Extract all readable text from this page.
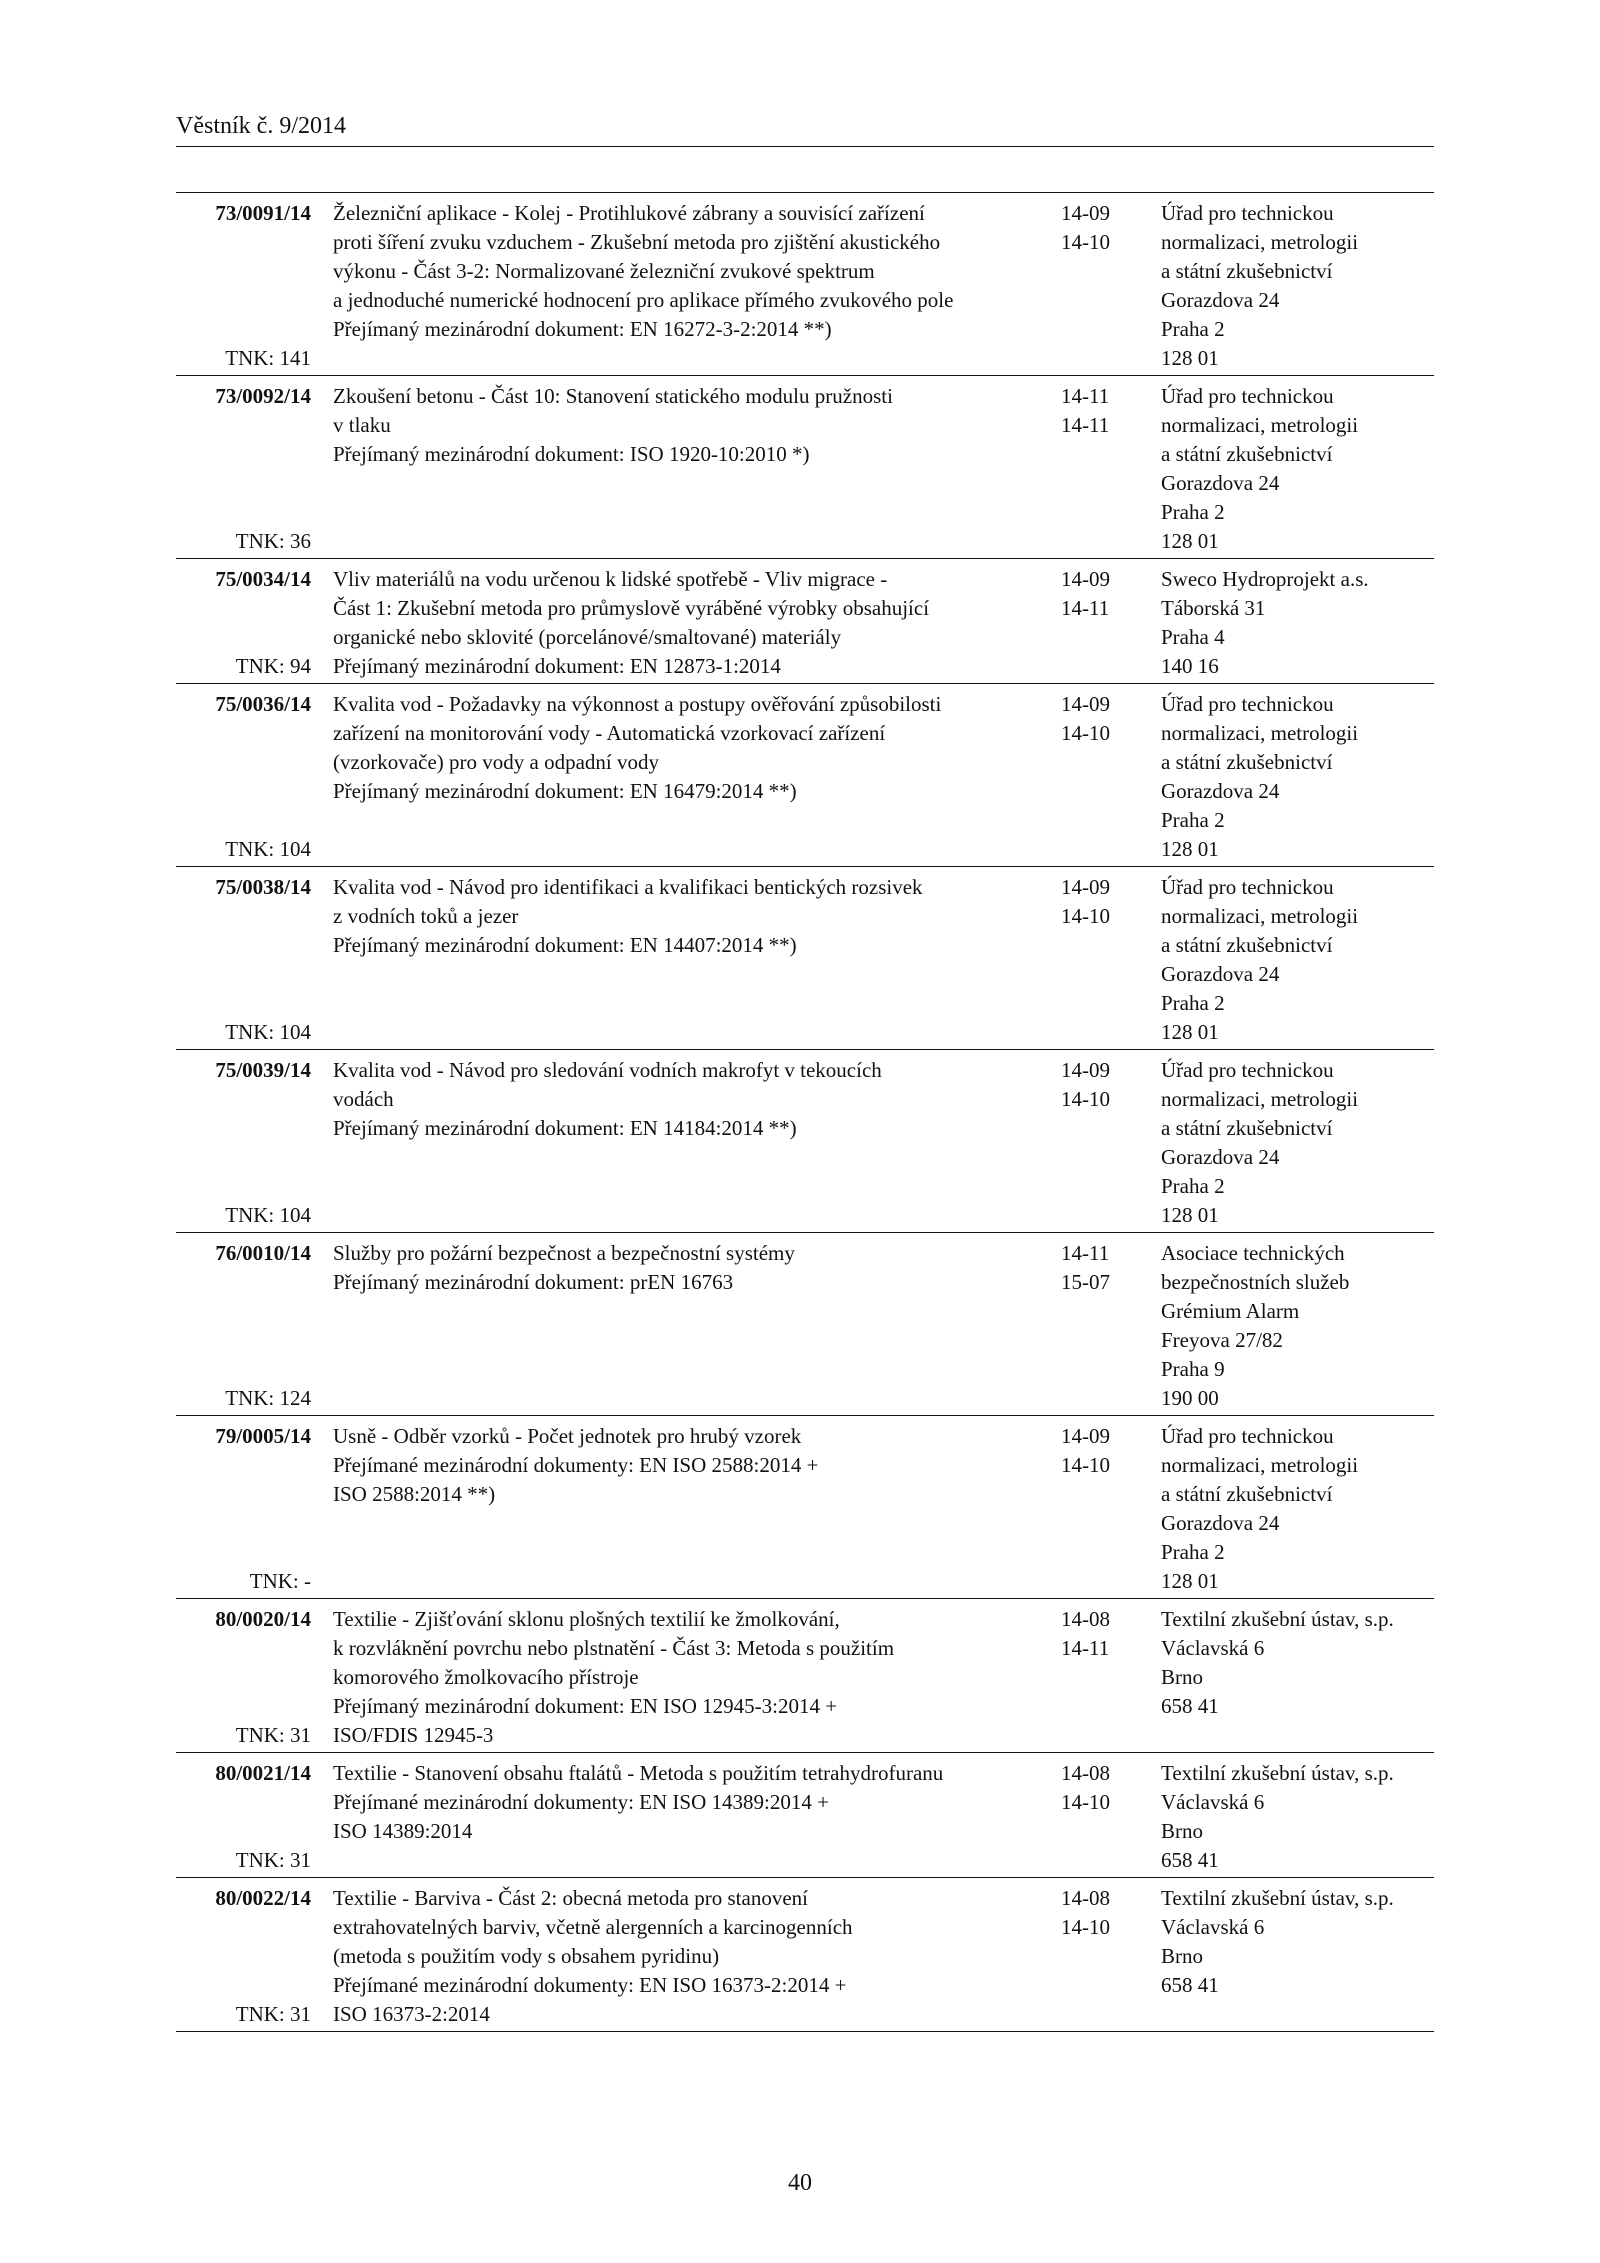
Věstník č. 9/2014
73/0091/14
TNK: 141
Železniční aplikace - Kolej - Protihlukové zábrany a souvisící zařízení
proti šíření zvuku vzduchem - Zkušební metoda pro zjištění akustického
výkonu - Část 3-2: Normalizované železniční zvukové spektrum
a jednoduché numerické hodnocení pro aplikace přímého zvukového pole
Přejímaný mezinárodní dokument: EN 16272-3-2:2014 **)
14-09
14-10
Úřad pro technickou
normalizaci, metrologii
a státní zkušebnictví
Gorazdova 24
Praha 2
128 01
73/0092/14
TNK: 36
Zkoušení betonu - Část 10: Stanovení statického modulu pružnosti
v tlaku
Přejímaný mezinárodní dokument: ISO 1920-10:2010 *)
14-11
14-11
Úřad pro technickou
normalizaci, metrologii
a státní zkušebnictví
Gorazdova 24
Praha 2
128 01
75/0034/14
TNK: 94
Vliv materiálů na vodu určenou k lidské spotřebě - Vliv migrace -
Část 1: Zkušební metoda pro průmyslově vyráběné výrobky obsahující
organické nebo sklovité (porcelánové/smaltované) materiály
Přejímaný mezinárodní dokument: EN 12873-1:2014
14-09
14-11
Sweco Hydroprojekt a.s.
Táborská 31
Praha 4
140 16
75/0036/14
TNK: 104
Kvalita vod - Požadavky na výkonnost a postupy ověřování způsobilosti
zařízení na monitorování vody - Automatická vzorkovací zařízení
(vzorkovače) pro vody a odpadní vody
Přejímaný mezinárodní dokument: EN 16479:2014 **)
14-09
14-10
Úřad pro technickou
normalizaci, metrologii
a státní zkušebnictví
Gorazdova 24
Praha 2
128 01
75/0038/14
TNK: 104
Kvalita vod - Návod pro identifikaci a kvalifikaci bentických rozsivek
z vodních toků a jezer
Přejímaný mezinárodní dokument: EN 14407:2014 **)
14-09
14-10
Úřad pro technickou
normalizaci, metrologii
a státní zkušebnictví
Gorazdova 24
Praha 2
128 01
75/0039/14
TNK: 104
Kvalita vod - Návod pro sledování vodních makrofyt v tekoucích
vodách
Přejímaný mezinárodní dokument: EN 14184:2014 **)
14-09
14-10
Úřad pro technickou
normalizaci, metrologii
a státní zkušebnictví
Gorazdova 24
Praha 2
128 01
76/0010/14
TNK: 124
Služby pro požární bezpečnost a bezpečnostní systémy
Přejímaný mezinárodní dokument: prEN 16763
14-11
15-07
Asociace technických
bezpečnostních služeb
Grémium Alarm
Freyova 27/82
Praha 9
190 00
79/0005/14
TNK: -
Usně - Odběr vzorků - Počet jednotek pro hrubý vzorek
Přejímané mezinárodní dokumenty: EN ISO 2588:2014 +
ISO 2588:2014 **)
14-09
14-10
Úřad pro technickou
normalizaci, metrologii
a státní zkušebnictví
Gorazdova 24
Praha 2
128 01
80/0020/14
TNK: 31
Textilie - Zjišťování sklonu plošných textilií ke žmolkování,
k rozvláknění povrchu nebo plstnatění - Část 3: Metoda s použitím
komorového žmolkovacího přístroje
Přejímaný mezinárodní dokument: EN ISO 12945-3:2014 +
ISO/FDIS 12945-3
14-08
14-11
Textilní zkušební ústav, s.p.
Václavská 6
Brno
658 41
80/0021/14
TNK: 31
Textilie - Stanovení obsahu ftalátů - Metoda s použitím tetrahydrofuranu
Přejímané mezinárodní dokumenty: EN ISO 14389:2014 +
ISO 14389:2014
14-08
14-10
Textilní zkušební ústav, s.p.
Václavská 6
Brno
658 41
80/0022/14
TNK: 31
Textilie - Barviva - Část 2: obecná metoda pro stanovení
extrahovatelných barviv, včetně alergenních a karcinogenních
(metoda s použitím vody s obsahem pyridinu)
Přejímané mezinárodní dokumenty: EN ISO 16373-2:2014 +
ISO 16373-2:2014
14-08
14-10
Textilní zkušební ústav, s.p.
Václavská 6
Brno
658 41
40
